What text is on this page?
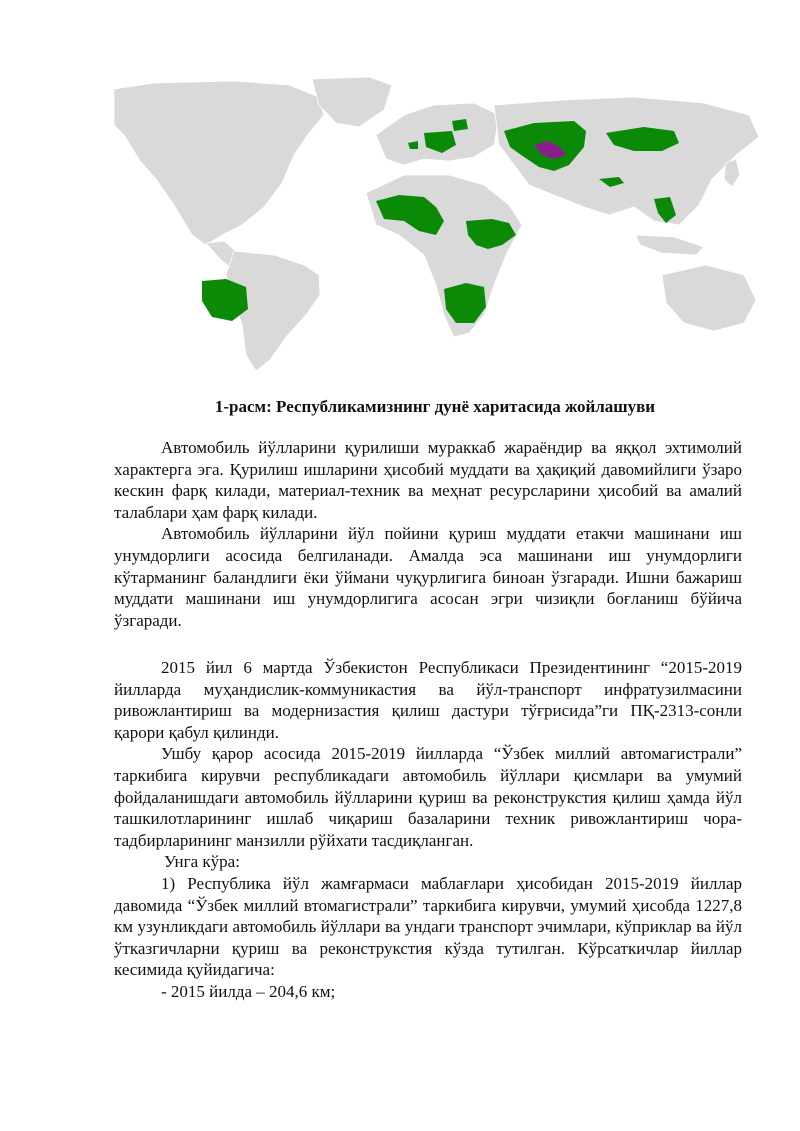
1-расм: Республикамизнинг дунё харитасида жойлашуви

Автомобиль йўлларини қурилиши мураккаб жараёндир ва яққол эхтимолий характерга эга. Қурилиш ишларини ҳисобий муддати ва ҳақиқий давомийлиги ўзаро кескин фарқ килади, материал-техник ва меҳнат ресурсларини ҳисобий ва амалий талаблари ҳам фарқ килади.

Автомобиль йўлларини йўл пойини қуриш муддати етакчи машинани иш унумдорлиги асосида белгиланади. Амалда эса машинани иш унумдорлиги кўтарманинг баландлиги ёки ўймани чуқурлигига биноан ўзгаради. Ишни бажариш муддати машинани иш унумдорлигига асосан эгри чизиқли боғланиш бўйича ўзгаради.

2015 йил 6 мартда Ўзбекистон Республикаси Президентининг “2015-2019 йилларда муҳандислик-коммуникастия ва йўл-транспорт инфратузилмасини ривожлантириш ва модернизастия қилиш дастури тўғрисида”ги ПҚ-2313-сонли қарори қабул қилинди.

Ушбу қарор асосида 2015-2019 йилларда “Ўзбек миллий автомагистрали” таркибига кирувчи республикадаги автомобиль йўллари қисмлари ва умумий фойдаланишдаги автомобиль йўлларини қуриш ва реконструкстия қилиш ҳамда йўл ташкилотларининг ишлаб чиқариш базаларини техник ривожлантириш чора-тадбирларининг манзилли рўйхати тасдиқланган.

Унга кўра:

1) Республика йўл жамғармаси маблағлари ҳисобидан 2015-2019 йиллар давомида “Ўзбек миллий втомагистрали” таркибига кирувчи, умумий ҳисобда 1227,8 км узунликдаги автомобиль йўллари ва ундаги транспорт эчимлари, кўприклар ва йўл ўтказгичларни қуриш ва реконструкстия кўзда тутилган. Кўрсаткичлар йиллар кесимида қуйидагича:

- 2015 йилда – 204,6 км;
